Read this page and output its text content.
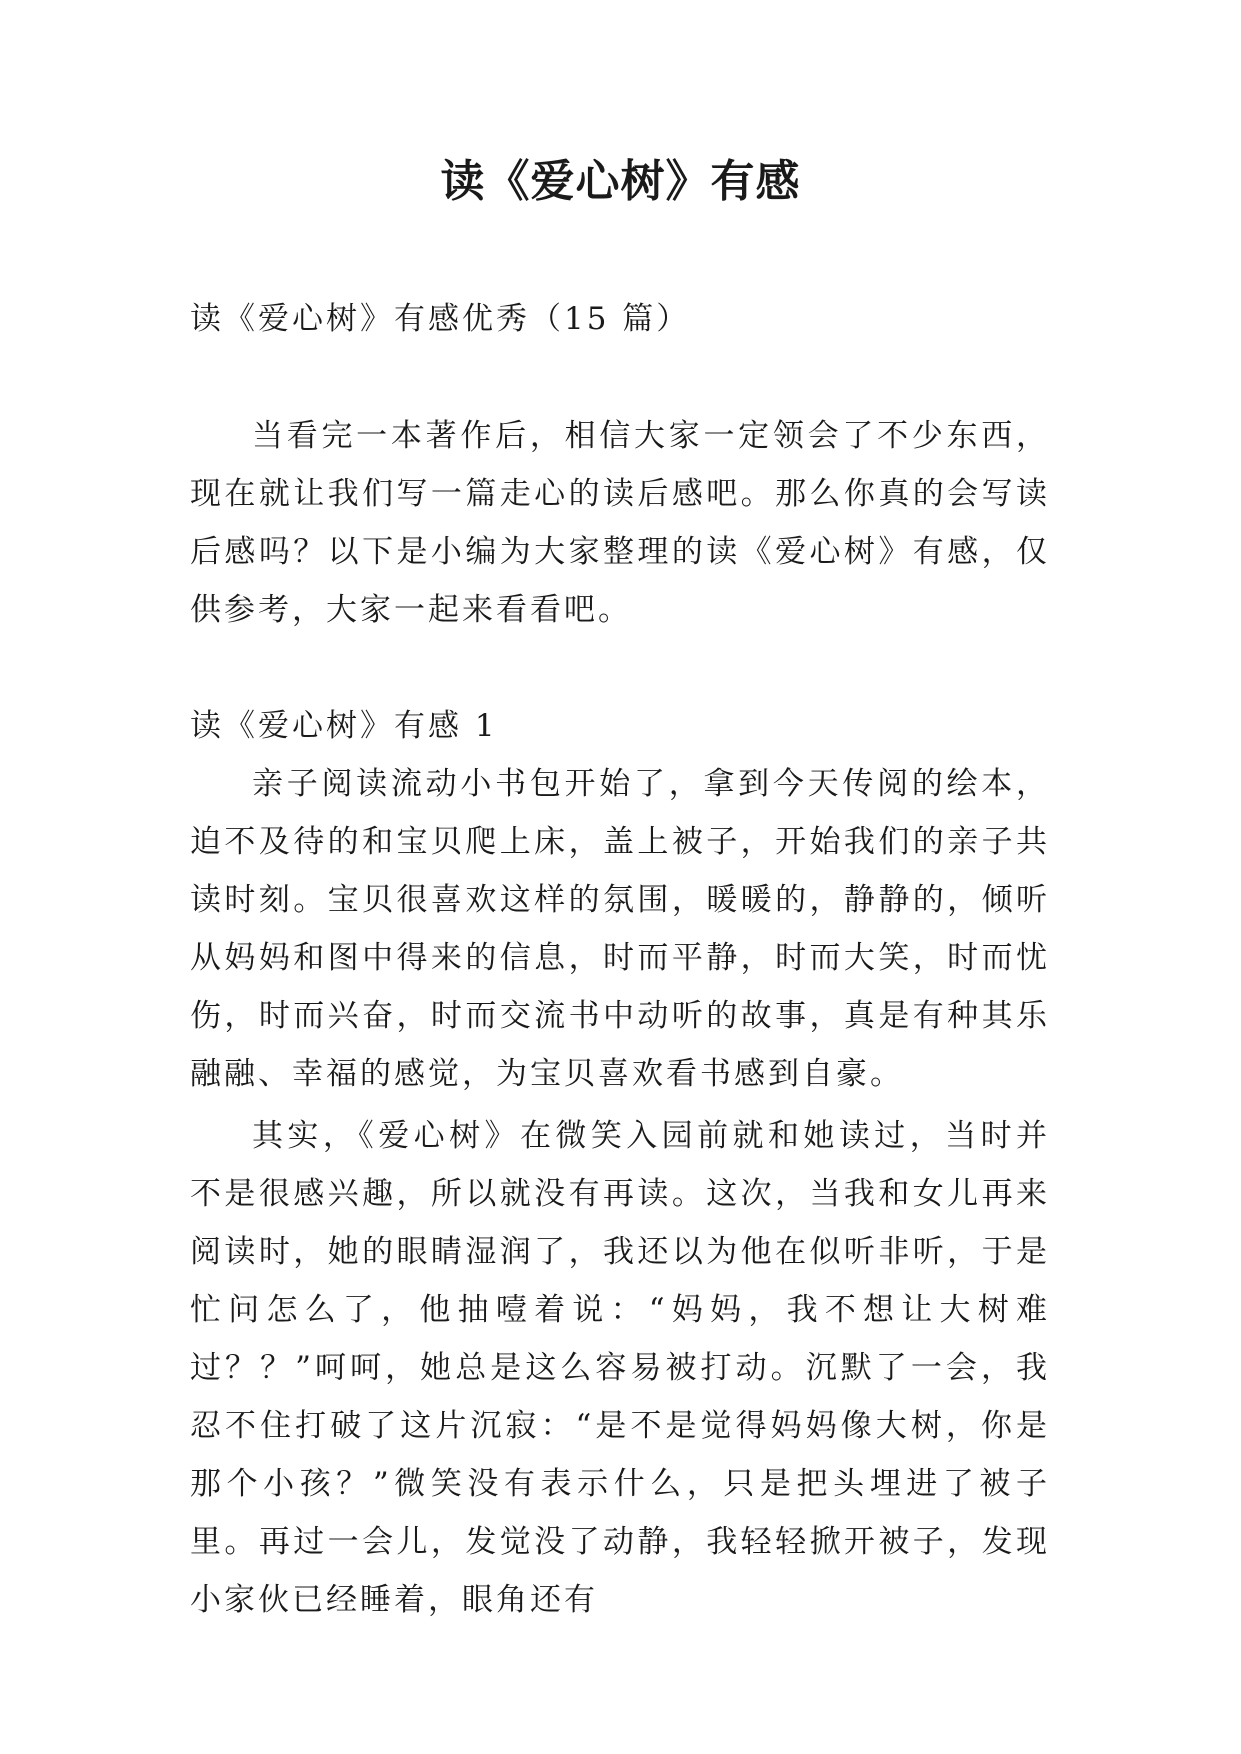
读《爱心树》有感

读《爱心树》有感优秀（15 篇）

当看完一本著作后，相信大家一定领会了不少东西，现在就让我们写一篇走心的读后感吧。那么你真的会写读后感吗？以下是小编为大家整理的读《爱心树》有感，仅供参考，大家一起来看看吧。

读《爱心树》有感 1

亲子阅读流动小书包开始了，拿到今天传阅的绘本，迫不及待的和宝贝爬上床，盖上被子，开始我们的亲子共读时刻。宝贝很喜欢这样的氛围，暖暖的，静静的，倾听从妈妈和图中得来的信息，时而平静，时而大笑，时而忧伤，时而兴奋，时而交流书中动听的故事，真是有种其乐融融、幸福的感觉，为宝贝喜欢看书感到自豪。

其实，《爱心树》在微笑入园前就和她读过，当时并不是很感兴趣，所以就没有再读。这次，当我和女儿再来阅读时，她的眼睛湿润了，我还以为他在似听非听，于是忙问怎么了，他抽噎着说：“妈妈，我不想让大树难过？？”呵呵，她总是这么容易被打动。沉默了一会，我忍不住打破了这片沉寂：“是不是觉得妈妈像大树，你是那个小孩？”微笑没有表示什么，只是把头埋进了被子里。再过一会儿，发觉没了动静，我轻轻掀开被子，发现小家伙已经睡着，眼角还有
